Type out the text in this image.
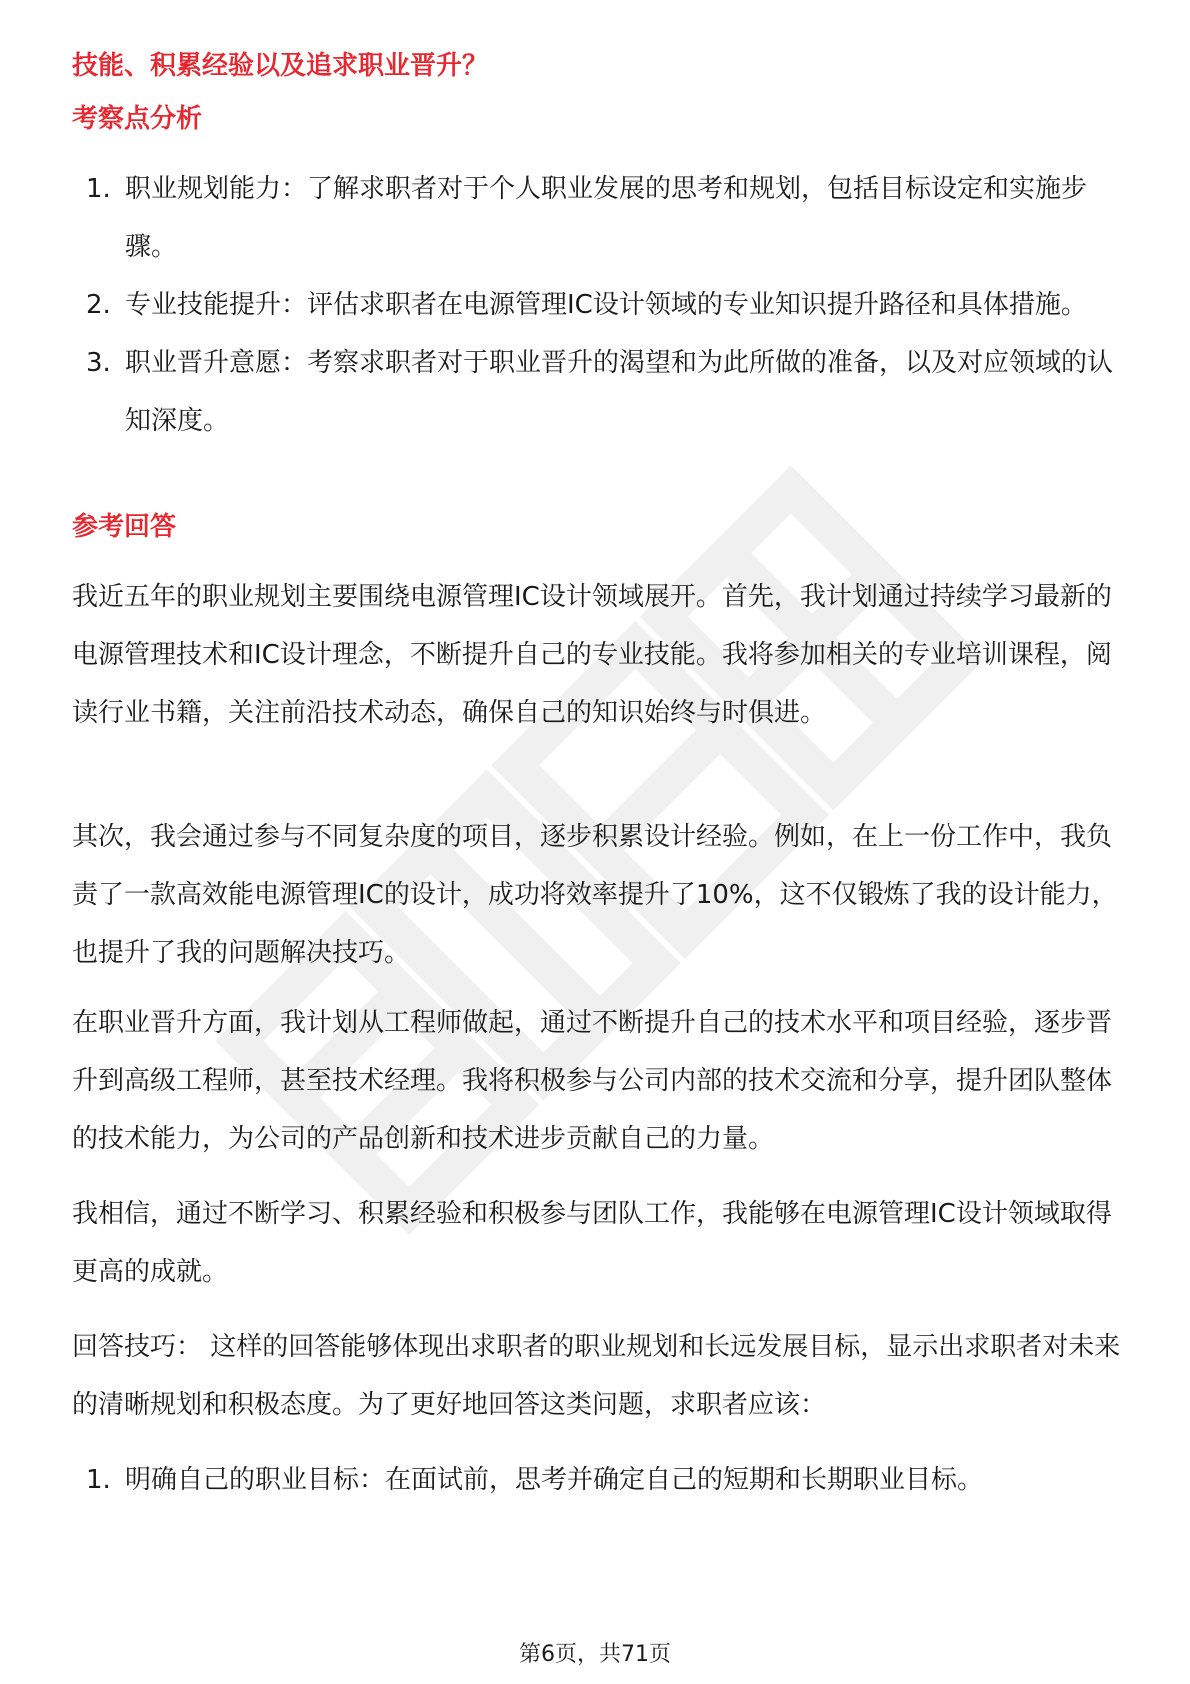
技能、积累经验以及追求职业晋升？
考察点分析
1. 职业规划能力：了解求职者对于个人职业发展的思考和规划，包括目标设定和实施步骤。
2. 专业技能提升：评估求职者在电源管理IC设计领域的专业知识提升路径和具体措施。
3. 职业晋升意愿：考察求职者对于职业晋升的渴望和为此所做的准备，以及对应领域的认知深度。
参考回答

我近五年的职业规划主要围绕电源管理IC设计领域展开。首先，我计划通过持续学习最新的电源管理技术和IC设计理念，不断提升自己的专业技能。我将参加相关的专业培训课程，阅读行业书籍，关注前沿技术动态，确保自己的知识始终与时俱进。

其次，我会通过参与不同复杂度的项目，逐步积累设计经验。例如，在上一份工作中，我负责了一款高效能电源管理IC的设计，成功将效率提升了10%，这不仅锻炼了我的设计能力，也提升了我的问题解决技巧。

在职业晋升方面，我计划从工程师做起，通过不断提升自己的技术水平和项目经验，逐步晋升到高级工程师，甚至技术经理。我将积极参与公司内部的技术交流和分享，提升团队整体的技术能力，为公司的产品创新和技术进步贡献自己的力量。

我相信，通过不断学习、积累经验和积极参与团队工作，我能够在电源管理IC设计领域取得更高的成就。

回答技巧： 这样的回答能够体现出求职者的职业规划和长远发展目标，显示出求职者对未来的清晰规划和积极态度。为了更好地回答这类问题，求职者应该：

1. 明确自己的职业目标：在面试前，思考并确定自己的短期和长期职业目标。
第6页，共71页
